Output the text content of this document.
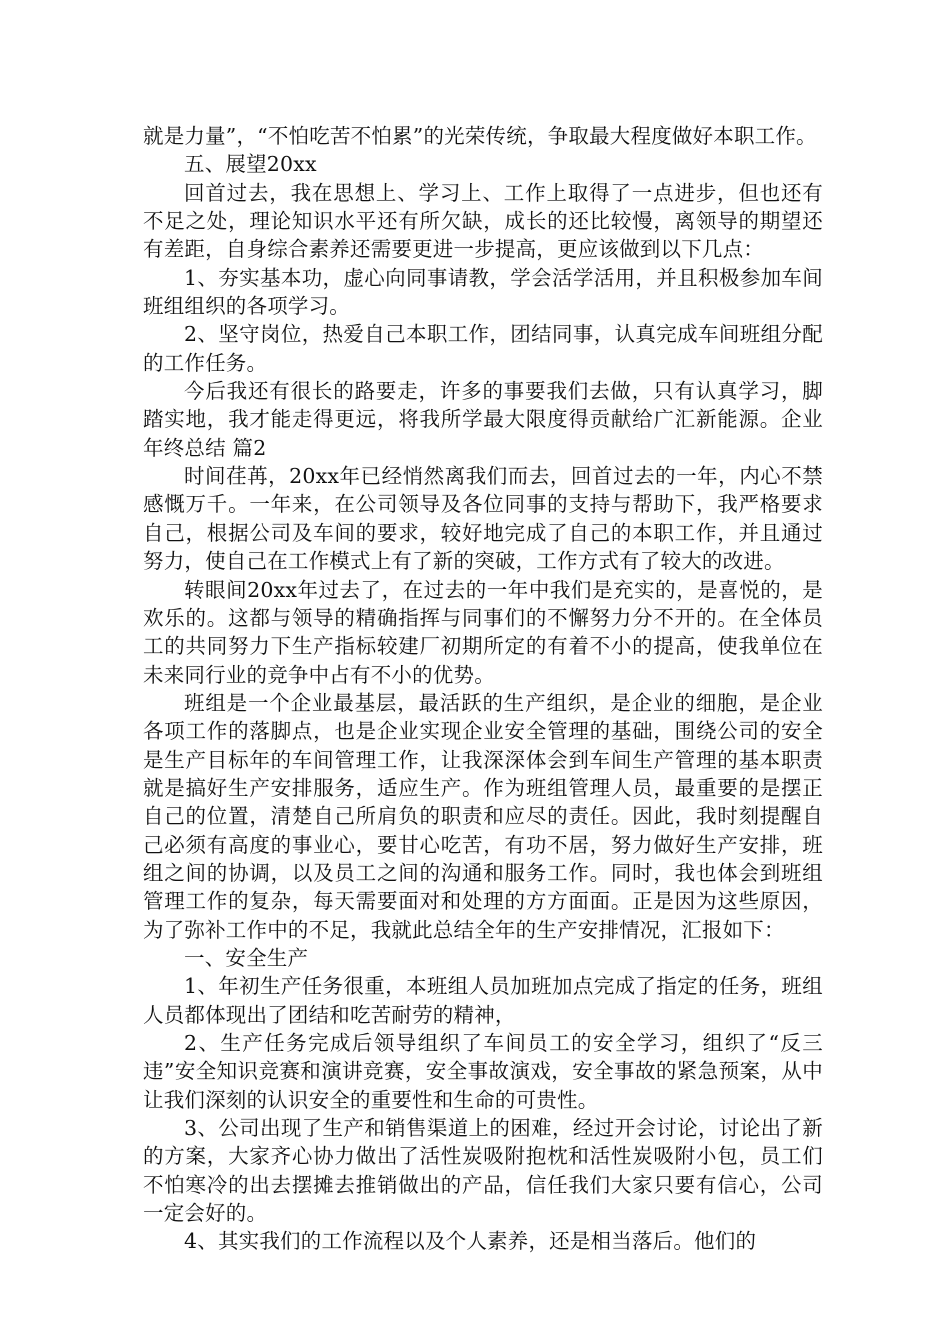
就是力量”，“不怕吃苦不怕累”的光荣传统，争取最大程度做好本职工作。

五、展望20xx

回首过去，我在思想上、学习上、工作上取得了一点进步，但也还有不足之处，理论知识水平还有所欠缺，成长的还比较慢，离领导的期望还有差距，自身综合素养还需要更进一步提高，更应该做到以下几点：

1、夯实基本功，虚心向同事请教，学会活学活用，并且积极参加车间班组组织的各项学习。

2、坚守岗位，热爱自己本职工作，团结同事，认真完成车间班组分配的工作任务。

今后我还有很长的路要走，许多的事要我们去做，只有认真学习，脚踏实地，我才能走得更远，将我所学最大限度得贡献给广汇新能源。企业年终总结 篇2

时间荏苒，20xx年已经悄然离我们而去，回首过去的一年，内心不禁感慨万千。一年来，在公司领导及各位同事的支持与帮助下，我严格要求自己，根据公司及车间的要求，较好地完成了自己的本职工作，并且通过努力，使自己在工作模式上有了新的突破，工作方式有了较大的改进。

转眼间20xx年过去了，在过去的一年中我们是充实的，是喜悦的，是欢乐的。这都与领导的精确指挥与同事们的不懈努力分不开的。在全体员工的共同努力下生产指标较建厂初期所定的有着不小的提高，使我单位在未来同行业的竞争中占有不小的优势。

班组是一个企业最基层，最活跃的生产组织，是企业的细胞，是企业各项工作的落脚点，也是企业实现企业安全管理的基础，围绕公司的安全是生产目标年的车间管理工作，让我深深体会到车间生产管理的基本职责就是搞好生产安排服务，适应生产。作为班组管理人员，最重要的是摆正自己的位置，清楚自己所肩负的职责和应尽的责任。因此，我时刻提醒自己必须有高度的事业心，要甘心吃苦，有功不居，努力做好生产安排，班组之间的协调，以及员工之间的沟通和服务工作。同时，我也体会到班组管理工作的复杂，每天需要面对和处理的方方面面。正是因为这些原因，为了弥补工作中的不足，我就此总结全年的生产安排情况，汇报如下：

一、安全生产

1、年初生产任务很重，本班组人员加班加点完成了指定的任务，班组人员都体现出了团结和吃苦耐劳的精神，

2、生产任务完成后领导组织了车间员工的安全学习，组织了“反三违”安全知识竞赛和演讲竞赛，安全事故演戏，安全事故的紧急预案，从中让我们深刻的认识安全的重要性和生命的可贵性。

3、公司出现了生产和销售渠道上的困难，经过开会讨论，讨论出了新的方案，大家齐心协力做出了活性炭吸附抱枕和活性炭吸附小包，员工们不怕寒冷的出去摆摊去推销做出的产品，信任我们大家只要有信心，公司一定会好的。

4、其实我们的工作流程以及个人素养，还是相当落后。他们的
